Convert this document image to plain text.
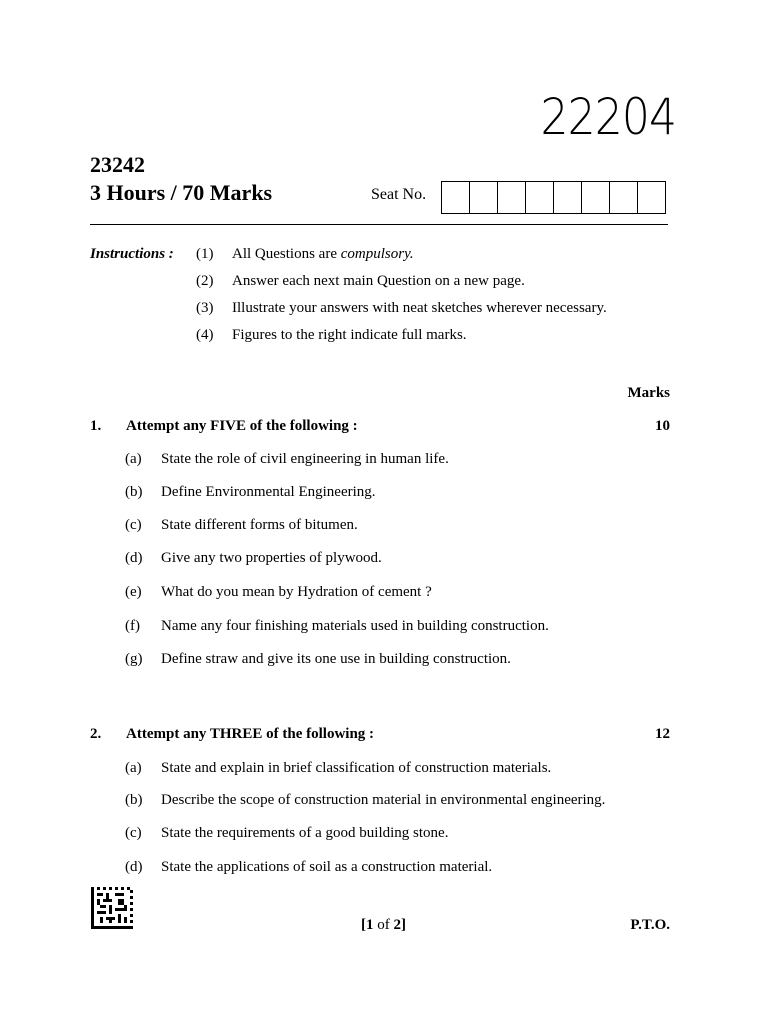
22204
23242
3 Hours / 70 Marks	Seat No.
Instructions : (1) All Questions are compulsory.
(2) Answer each next main Question on a new page.
(3) Illustrate your answers with neat sketches wherever necessary.
(4) Figures to the right indicate full marks.
Marks
1. Attempt any FIVE of the following :	10
(a) State the role of civil engineering in human life.
(b) Define Environmental Engineering.
(c) State different forms of bitumen.
(d) Give any two properties of plywood.
(e) What do you mean by Hydration of cement ?
(f) Name any four finishing materials used in building construction.
(g) Define straw and give its one use in building construction.
2. Attempt any THREE of the following :	12
(a) State and explain in brief classification of construction materials.
(b) Describe the scope of construction material in environmental engineering.
(c) State the requirements of a good building stone.
(d) State the applications of soil as a construction material.
[1 of 2]	P.T.O.
